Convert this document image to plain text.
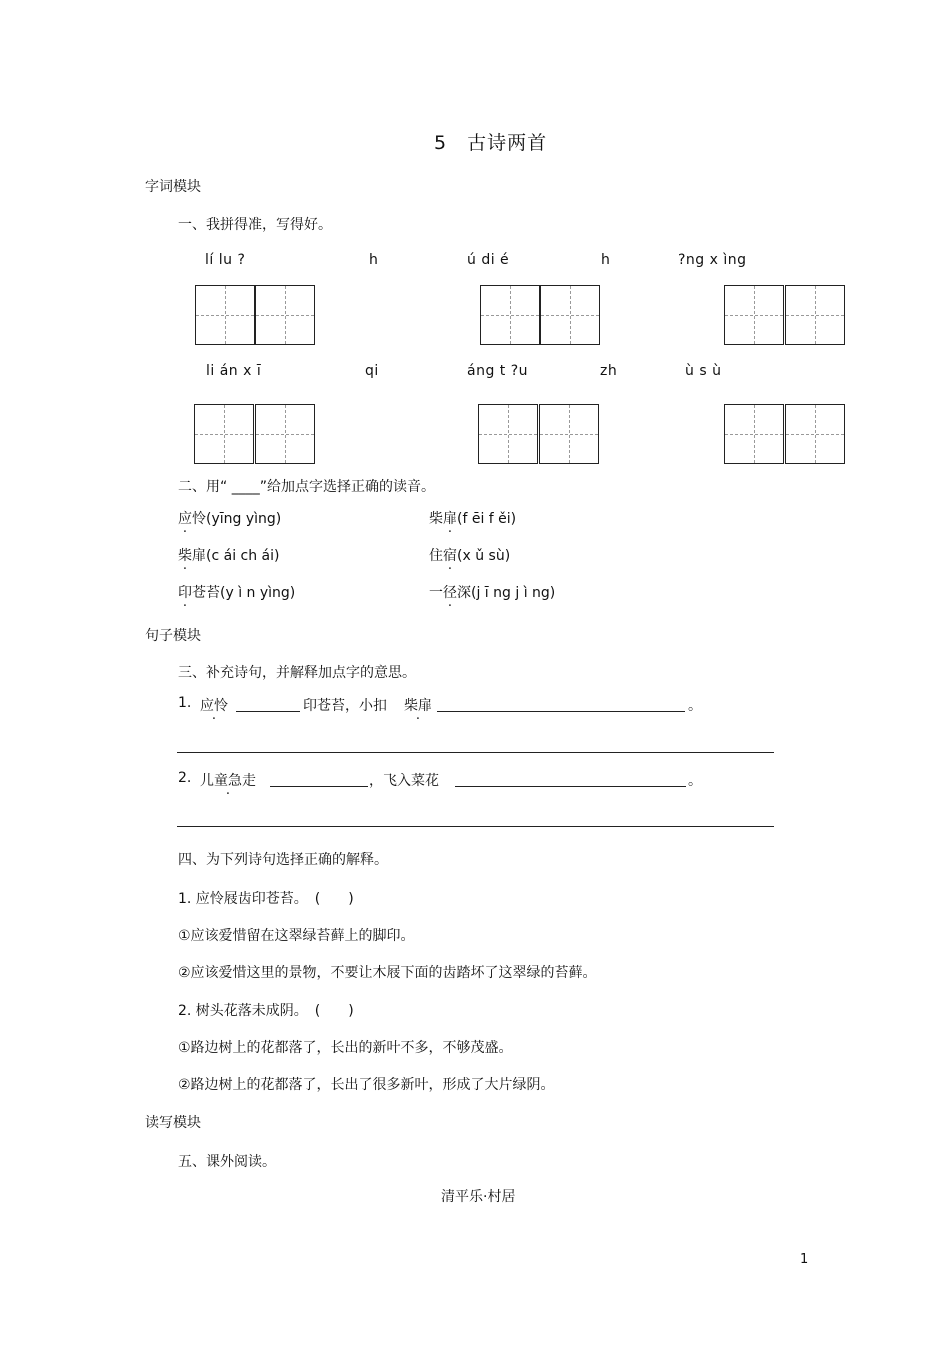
5　古诗两首
字词模块
一、我拼得准，写得好。
lí lu ?	h	ú di é	h	?ng x ìng
li án x ī	qi	áng t ?u	zh	ù s ù
二、用“ ____”给加点字选择正确的读音。
应怜(yīng yìng)	柴扉(f ēi f ěi)
柴扉(c ái ch ái)	住宿(x ǔ sù)
印苍苔(y ì n yìng)	一径深(j ī ng j ì ng)
句子模块
三、补充诗句，并解释加点字的意思。
1. 应怜	印苍苔，小扣 柴扉	。
2. 儿童急走	，飞入菜花	。
四、为下列诗句选择正确的解释。
1. 应怜屐齿印苍苔。　(　　)
①应该爱惜留在这翠绿苔藓上的脚印。
②应该爱惜这里的景物，不要让木屐下面的齿踏坏了这翠绿的苔藓。
2. 树头花落未成阴。　(　　)
①路边树上的花都落了，长出的新叶不多，不够茂盛。
②路边树上的花都落了，长出了很多新叶，形成了大片绿阴。
读写模块
五、课外阅读。
清平乐·村居
1
